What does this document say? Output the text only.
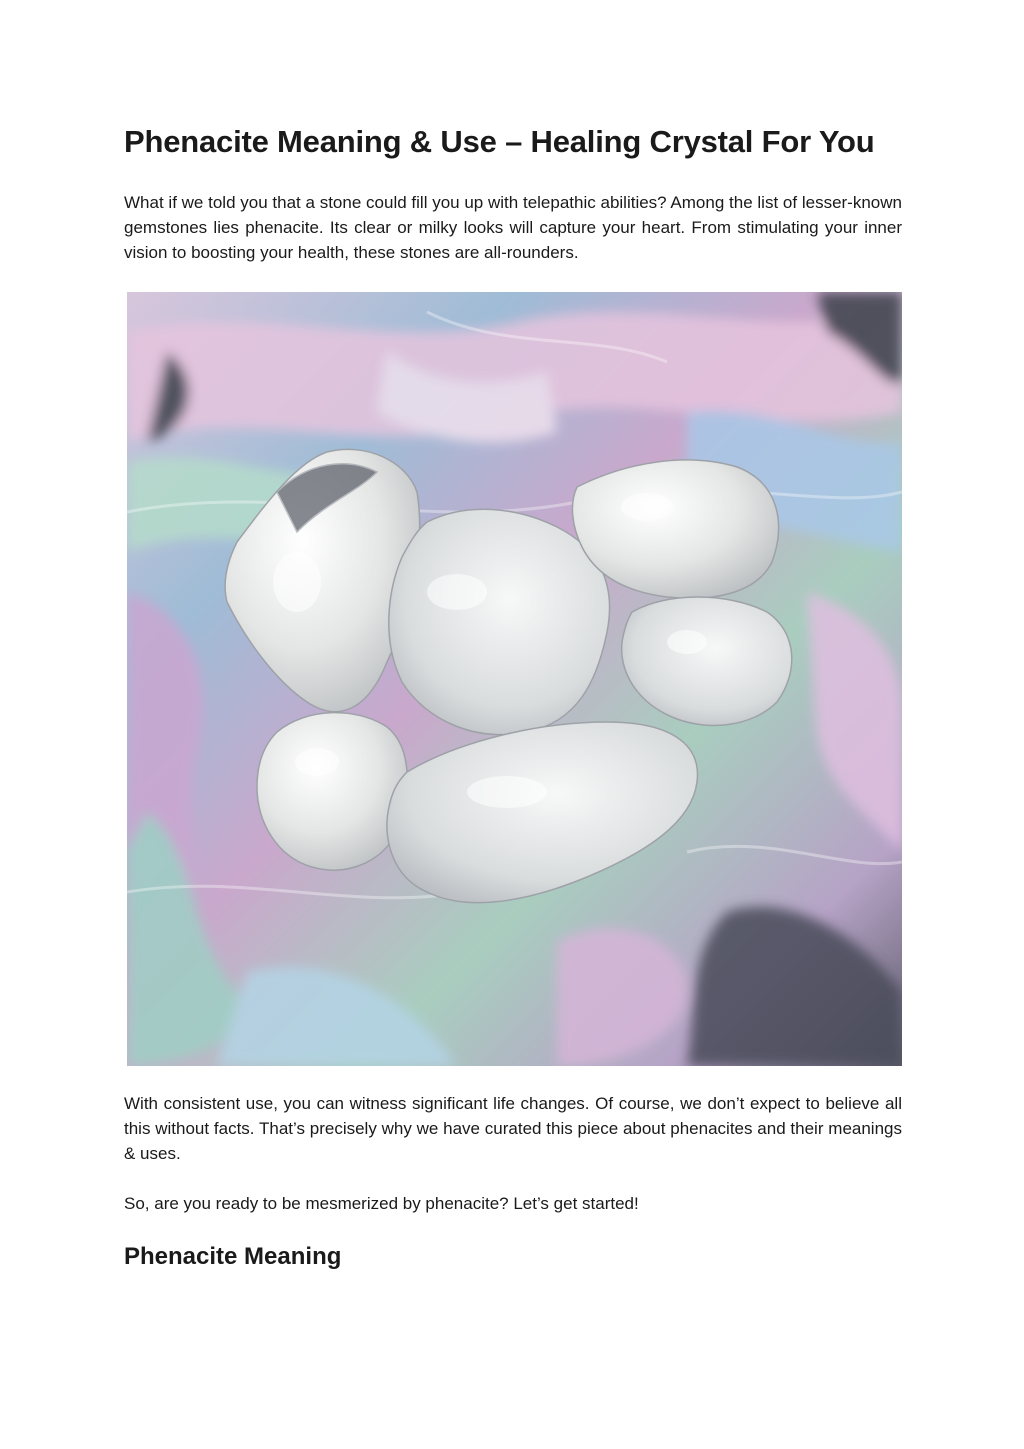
Phenacite Meaning & Use – Healing Crystal For You

What if we told you that a stone could fill you up with telepathic abilities? Among the list of lesser-known gemstones lies phenacite. Its clear or milky looks will capture your heart. From stimulating your inner vision to boosting your health, these stones are all-rounders.

With consistent use, you can witness significant life changes. Of course, we don’t expect to believe all this without facts. That’s precisely why we have curated this piece about phenacites and their meanings & uses.

So, are you ready to be mesmerized by phenacite? Let’s get started!

Phenacite Meaning
